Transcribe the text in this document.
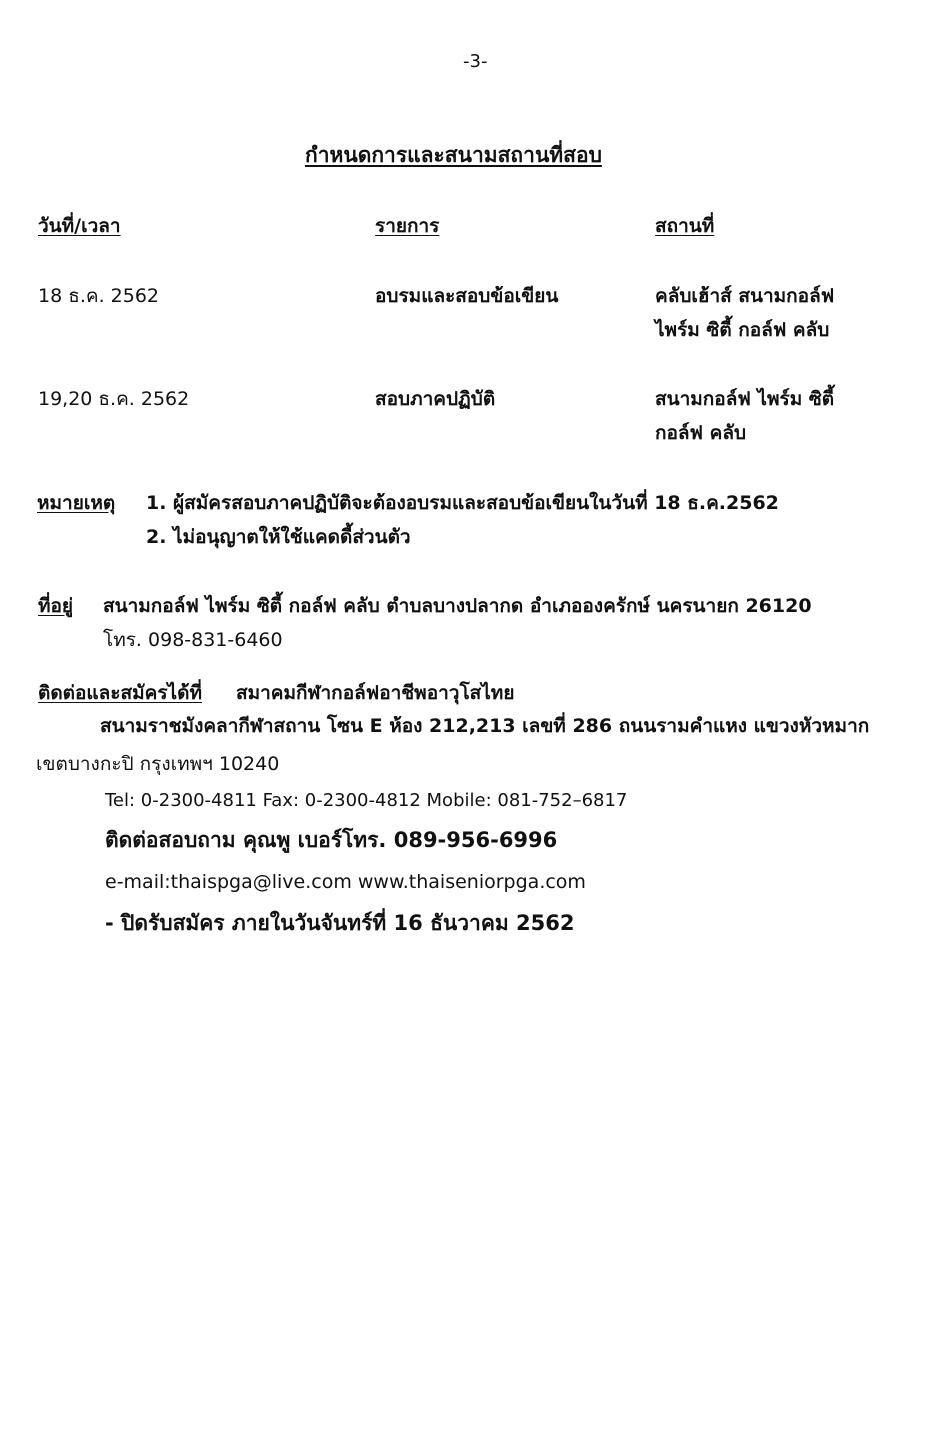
-3-
กำหนดการและสนามสถานที่สอบ
วันที่/เวลา	รายการ	สถานที่
18 ธ.ค. 2562	อบรมและสอบข้อเขียน	คลับเฮ้าส์ สนามกอล์ฟ
ไพร์ม ซิตี้ กอล์ฟ คลับ
19,20 ธ.ค. 2562	สอบภาคปฏิบัติ	สนามกอล์ฟ ไพร์ม ซิตี้
กอล์ฟ คลับ
หมายเหตุ 1. ผู้สมัครสอบภาคปฏิบัติจะต้องอบรมและสอบข้อเขียนในวันที่ 18 ธ.ค.2562
2. ไม่อนุญาตให้ใช้แคดดี้ส่วนตัว
ที่อยู่ สนามกอล์ฟ ไพร์ม ซิตี้ กอล์ฟ คลับ ตำบลบางปลากด อำเภอองครักษ์ นครนายก 26120
โทร. 098-831-6460
ติดต่อและสมัครได้ที่ สมาคมกีฬากอล์ฟอาชีพอาวุโสไทย
สนามราชมังคลากีฬาสถาน โซน E ห้อง 212,213 เลขที่ 286 ถนนรามคำแหง แขวงหัวหมาก
เขตบางกะปิ กรุงเทพฯ 10240
Tel: 0-2300-4811 Fax: 0-2300-4812 Mobile: 081-752–6817
ติดต่อสอบถาม คุณพู เบอร์โทร. 089-956-6996
e-mail:thaispga@live.com www.thaiseniorpga.com
- ปิดรับสมัคร ภายในวันจันทร์ที่ 16 ธันวาคม 2562
